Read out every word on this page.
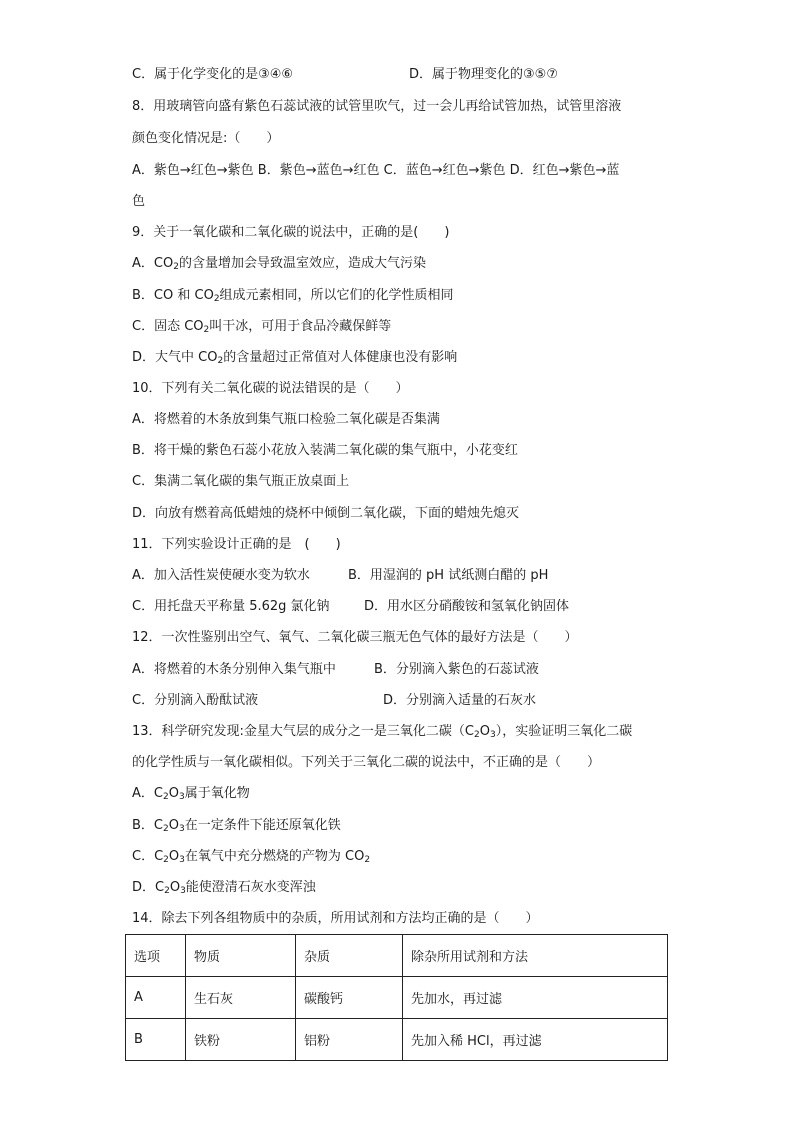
C．属于化学变化的是③④⑥	D．属于物理变化的③⑤⑦
8．用玻璃管向盛有紫色石蕊试液的试管里吹气，过一会儿再给试管加热，试管里溶液
颜色变化情况是:（　　）
A．紫色→红色→紫色 B．紫色→蓝色→红色 C．蓝色→红色→紫色 D．红色→紫色→蓝
色
9．关于一氧化碳和二氧化碳的说法中，正确的是(　　)
A．$CO_2$的含量增加会导致温室效应，造成大气污染
B．CO 和 $CO_2$组成元素相同，所以它们的化学性质相同
C．固态 $CO_2$叫干冰，可用于食品冷藏保鲜等
D．大气中 $CO_2$的含量超过正常值对人体健康也没有影响
10．下列有关二氧化碳的说法错误的是（　　）
A．将燃着的木条放到集气瓶口检验二氧化碳是否集满
B．将干燥的紫色石蕊小花放入装满二氧化碳的集气瓶中，小花变红
C．集满二氧化碳的集气瓶正放桌面上
D．向放有燃着高低蜡烛的烧杯中倾倒二氧化碳，下面的蜡烛先熄灭
11．下列实验设计正确的是　(　　)
A．加入活性炭使硬水变为软水	B．用湿润的 pH 试纸测白醋的 pH
C．用托盘天平称量 5.62g 氯化钠	D．用水区分硝酸铵和氢氧化钠固体
12．一次性鉴别出空气、氧气、二氧化碳三瓶无色气体的最好方法是（　　）
A．将燃着的木条分别伸入集气瓶中	B．分别滴入紫色的石蕊试液
C．分别滴入酚酞试液	D．分别滴入适量的石灰水
13．科学研究发现:金星大气层的成分之一是三氧化二碳$(C_2O_3)$，实验证明三氧化二碳
的化学性质与一氧化碳相似。下列关于三氧化二碳的说法中，不正确的是（　　）
A．$C_2O_3$属于氧化物
B．$C_2O_3$在一定条件下能还原氧化铁
C．$C_2O_3$在氧气中充分燃烧的产物为 $CO_2$
D．$C_2O_3$能使澄清石灰水变浑浊
14．除去下列各组物质中的杂质，所用试剂和方法均正确的是（　　）
选项	物质	杂质	除杂所用试剂和方法
A	生石灰	碳酸钙	先加水，再过滤
B	铁粉	铝粉	先加入稀 HCl，再过滤
